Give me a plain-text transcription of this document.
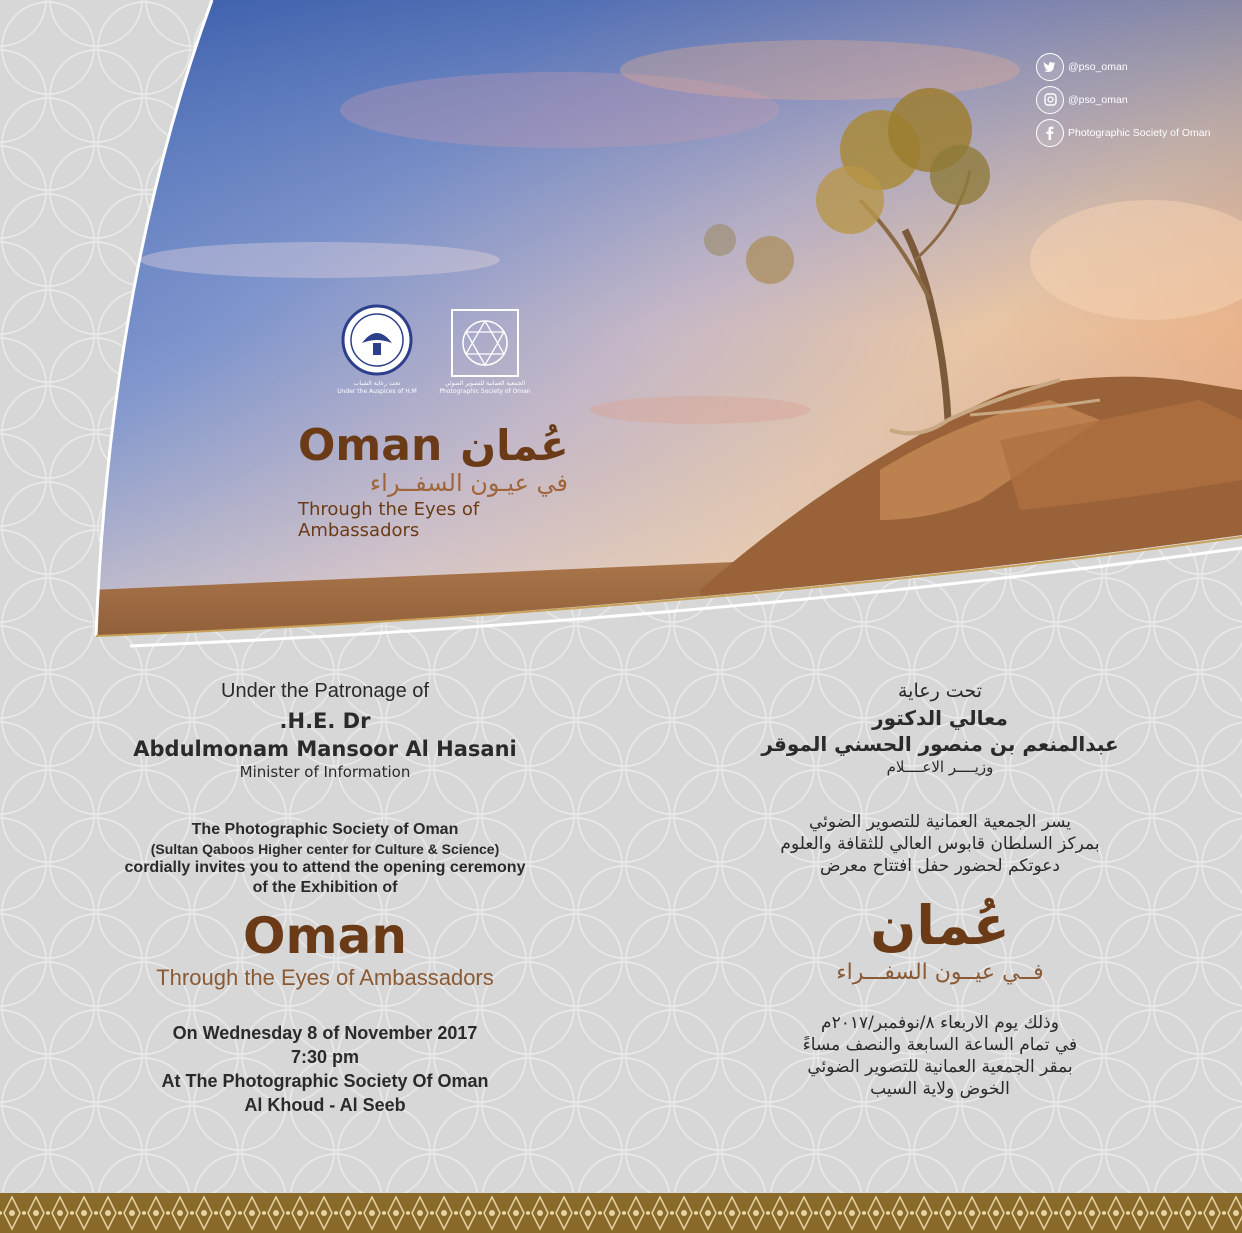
@pso_oman
@pso_oman
Photographic Society of Oman
تحت رعاية الشباب
Under the Auspices of H.M
الجمعية العمانية للتصوير الضوئي
Photographic Society of Oman
Oman عُمان
في عيـون السفــراء
Through the Eyes of Ambassadors
Under the Patronage of
.H.E. Dr
Abdulmonam Mansoor Al Hasani
Minister of Information
The Photographic Society of Oman
(Sultan Qaboos Higher center for Culture & Science)
cordially invites you to attend the opening ceremony
of the Exhibition of
Oman
Through the Eyes of Ambassadors
On Wednesday 8 of November 2017
7:30 pm
At The Photographic Society Of Oman
Al Khoud - Al Seeb
تحت رعاية
معالي الدكتور
عبدالمنعم بن منصور الحسني الموقر
وزيــــر الاعــــلام
يسر الجمعية العمانية للتصوير الضوئي
بمركز السلطان قابوس العالي للثقافة والعلوم
دعوتكم لحضور حفل افتتاح معرض
عُمان
فــي عيــون السفـــراء
وذلك يوم الاربعاء ٨/نوفمبر/٢٠١٧م
في تمام الساعة السابعة والنصف مساءً
بمقر الجمعية العمانية للتصوير الضوئي
الخوض ولاية السيب
